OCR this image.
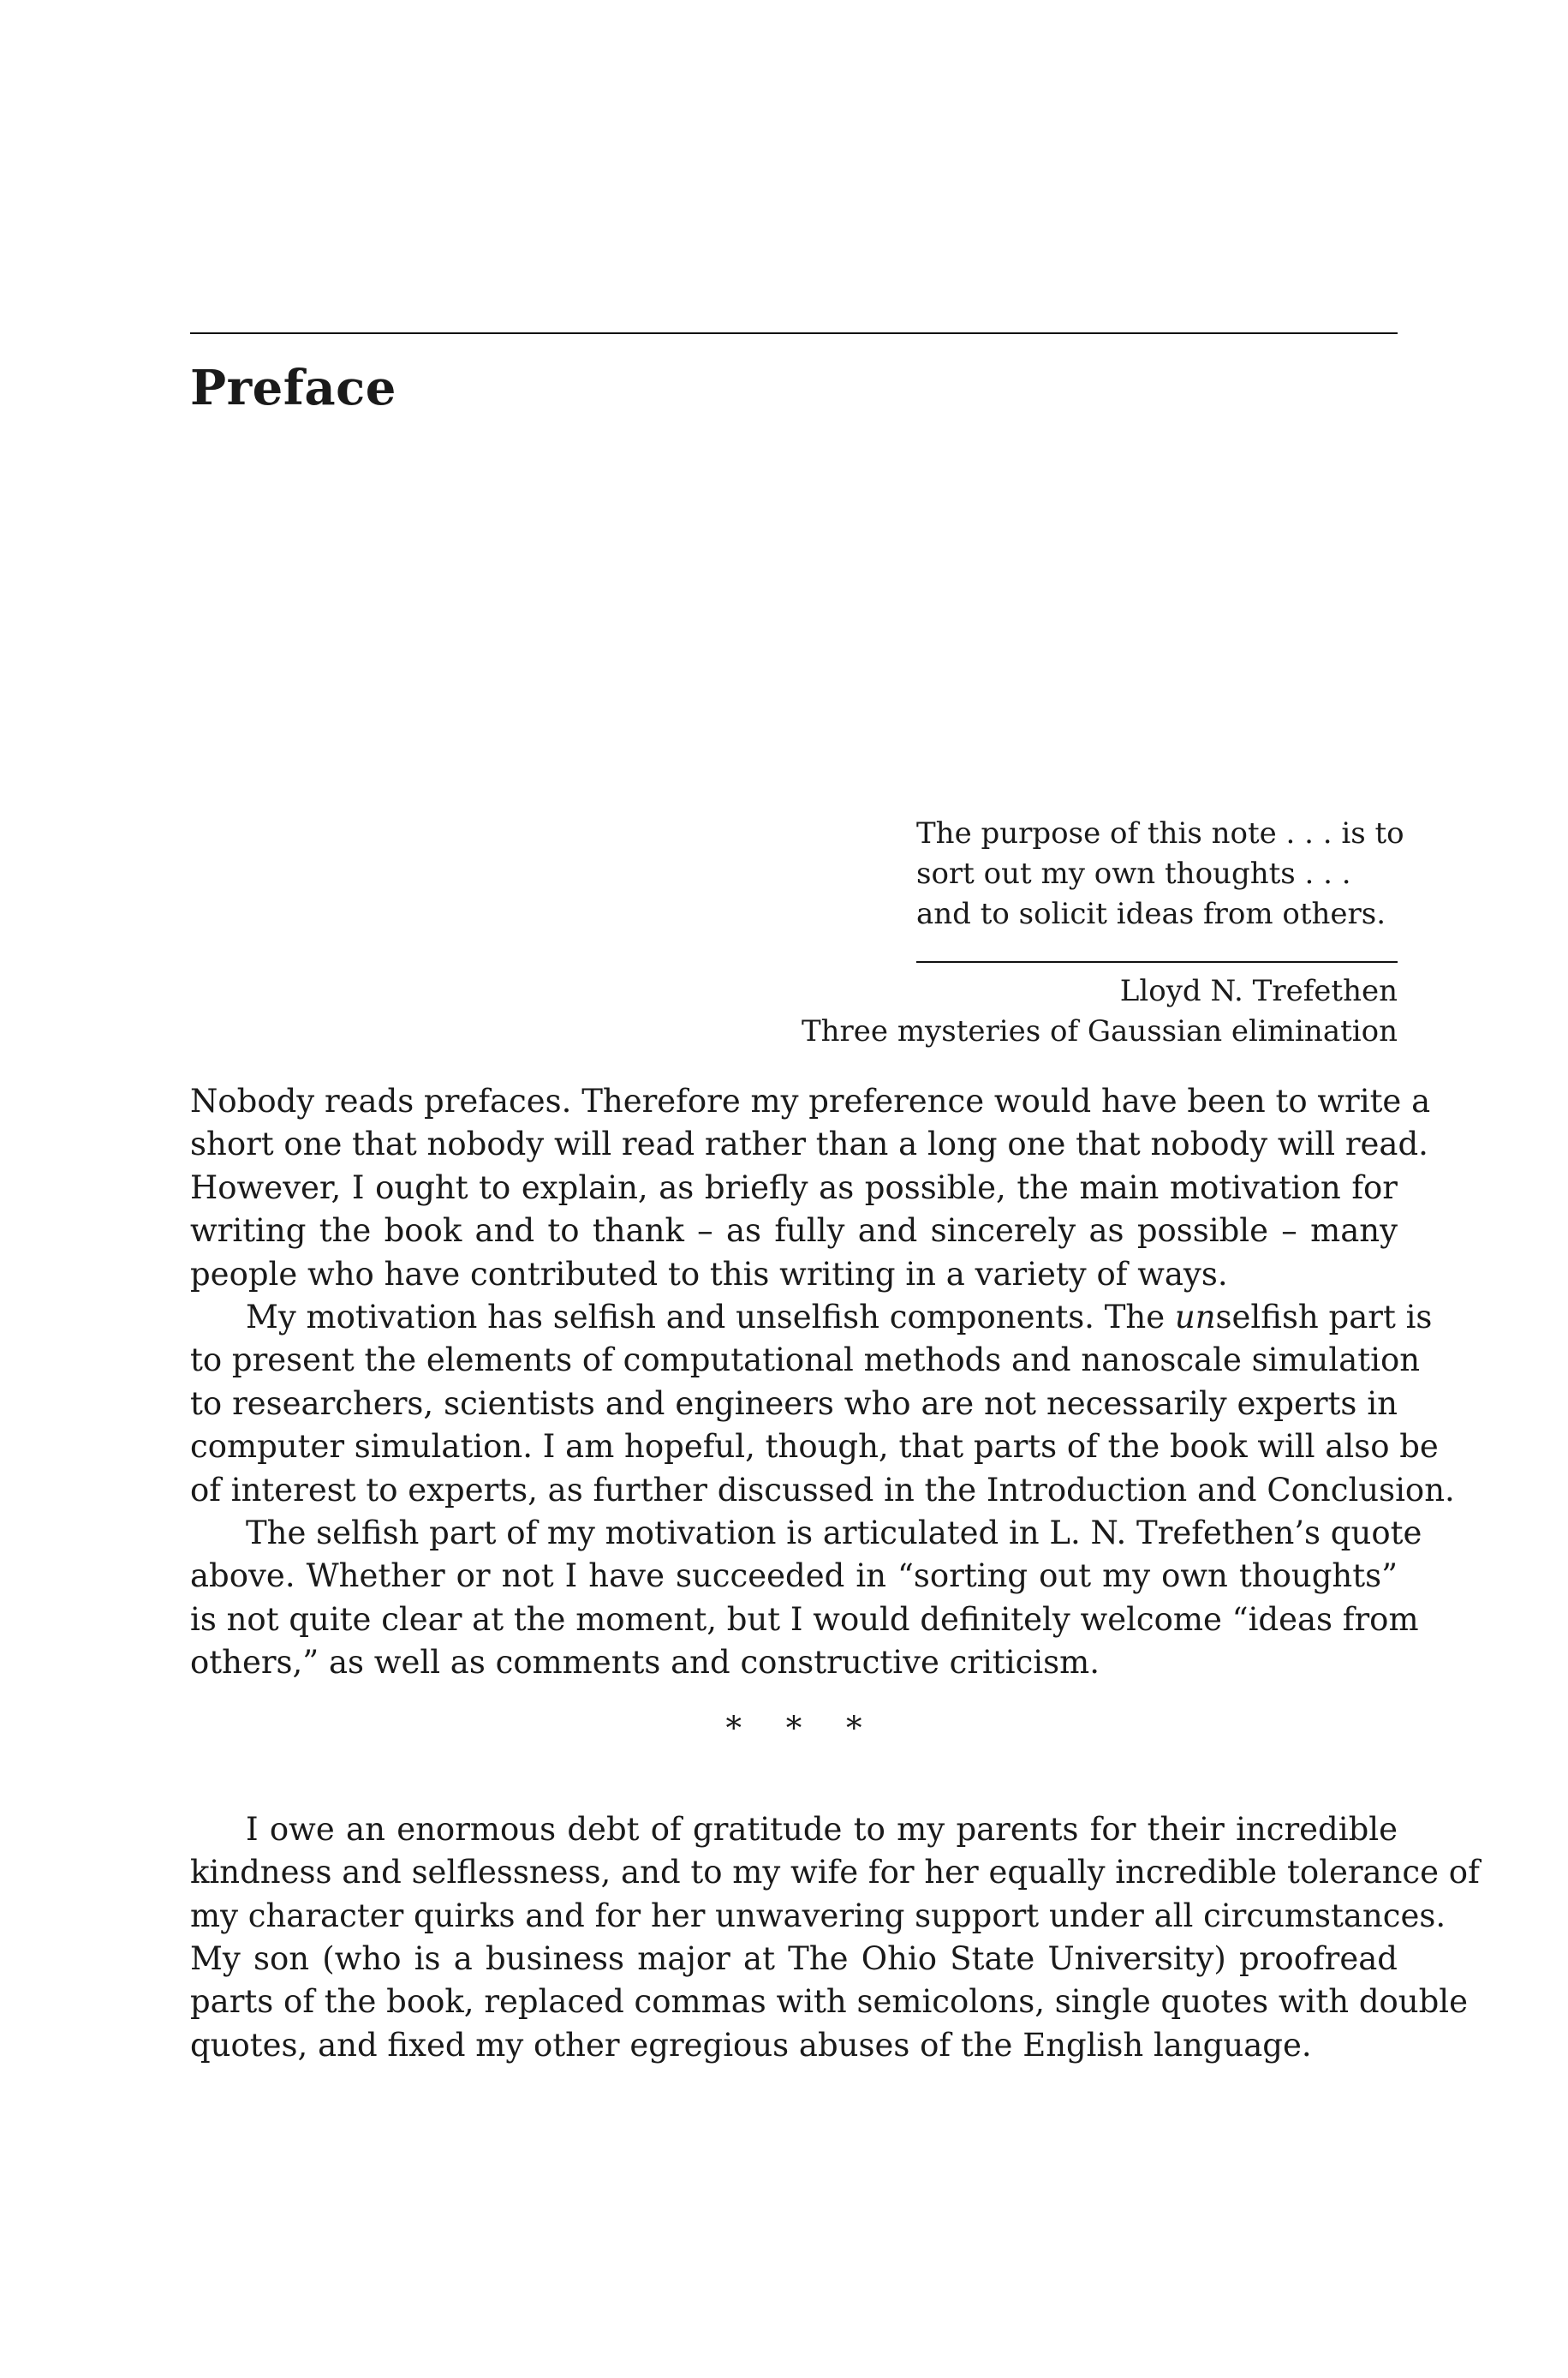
Preface
The purpose of this note . . . is to
sort out my own thoughts . . .
and to solicit ideas from others.
Lloyd N. Trefethen
Three mysteries of Gaussian elimination

Nobody reads prefaces. Therefore my preference would have been to write a
short one that nobody will read rather than a long one that nobody will read.
However, I ought to explain, as briefly as possible, the main motivation for
writing the book and to thank – as fully and sincerely as possible – many
people who have contributed to this writing in a variety of ways.

My motivation has selfish and unselfish components. The unselfish part is
to present the elements of computational methods and nanoscale simulation
to researchers, scientists and engineers who are not necessarily experts in
computer simulation. I am hopeful, though, that parts of the book will also be
of interest to experts, as further discussed in the Introduction and Conclusion.

The selfish part of my motivation is articulated in L. N. Trefethen’s quote
above. Whether or not I have succeeded in “sorting out my own thoughts”
is not quite clear at the moment, but I would definitely welcome “ideas from
others,” as well as comments and constructive criticism.

* * *

I owe an enormous debt of gratitude to my parents for their incredible
kindness and selflessness, and to my wife for her equally incredible tolerance of
my character quirks and for her unwavering support under all circumstances.
My son (who is a business major at The Ohio State University) proofread
parts of the book, replaced commas with semicolons, single quotes with double
quotes, and fixed my other egregious abuses of the English language.
